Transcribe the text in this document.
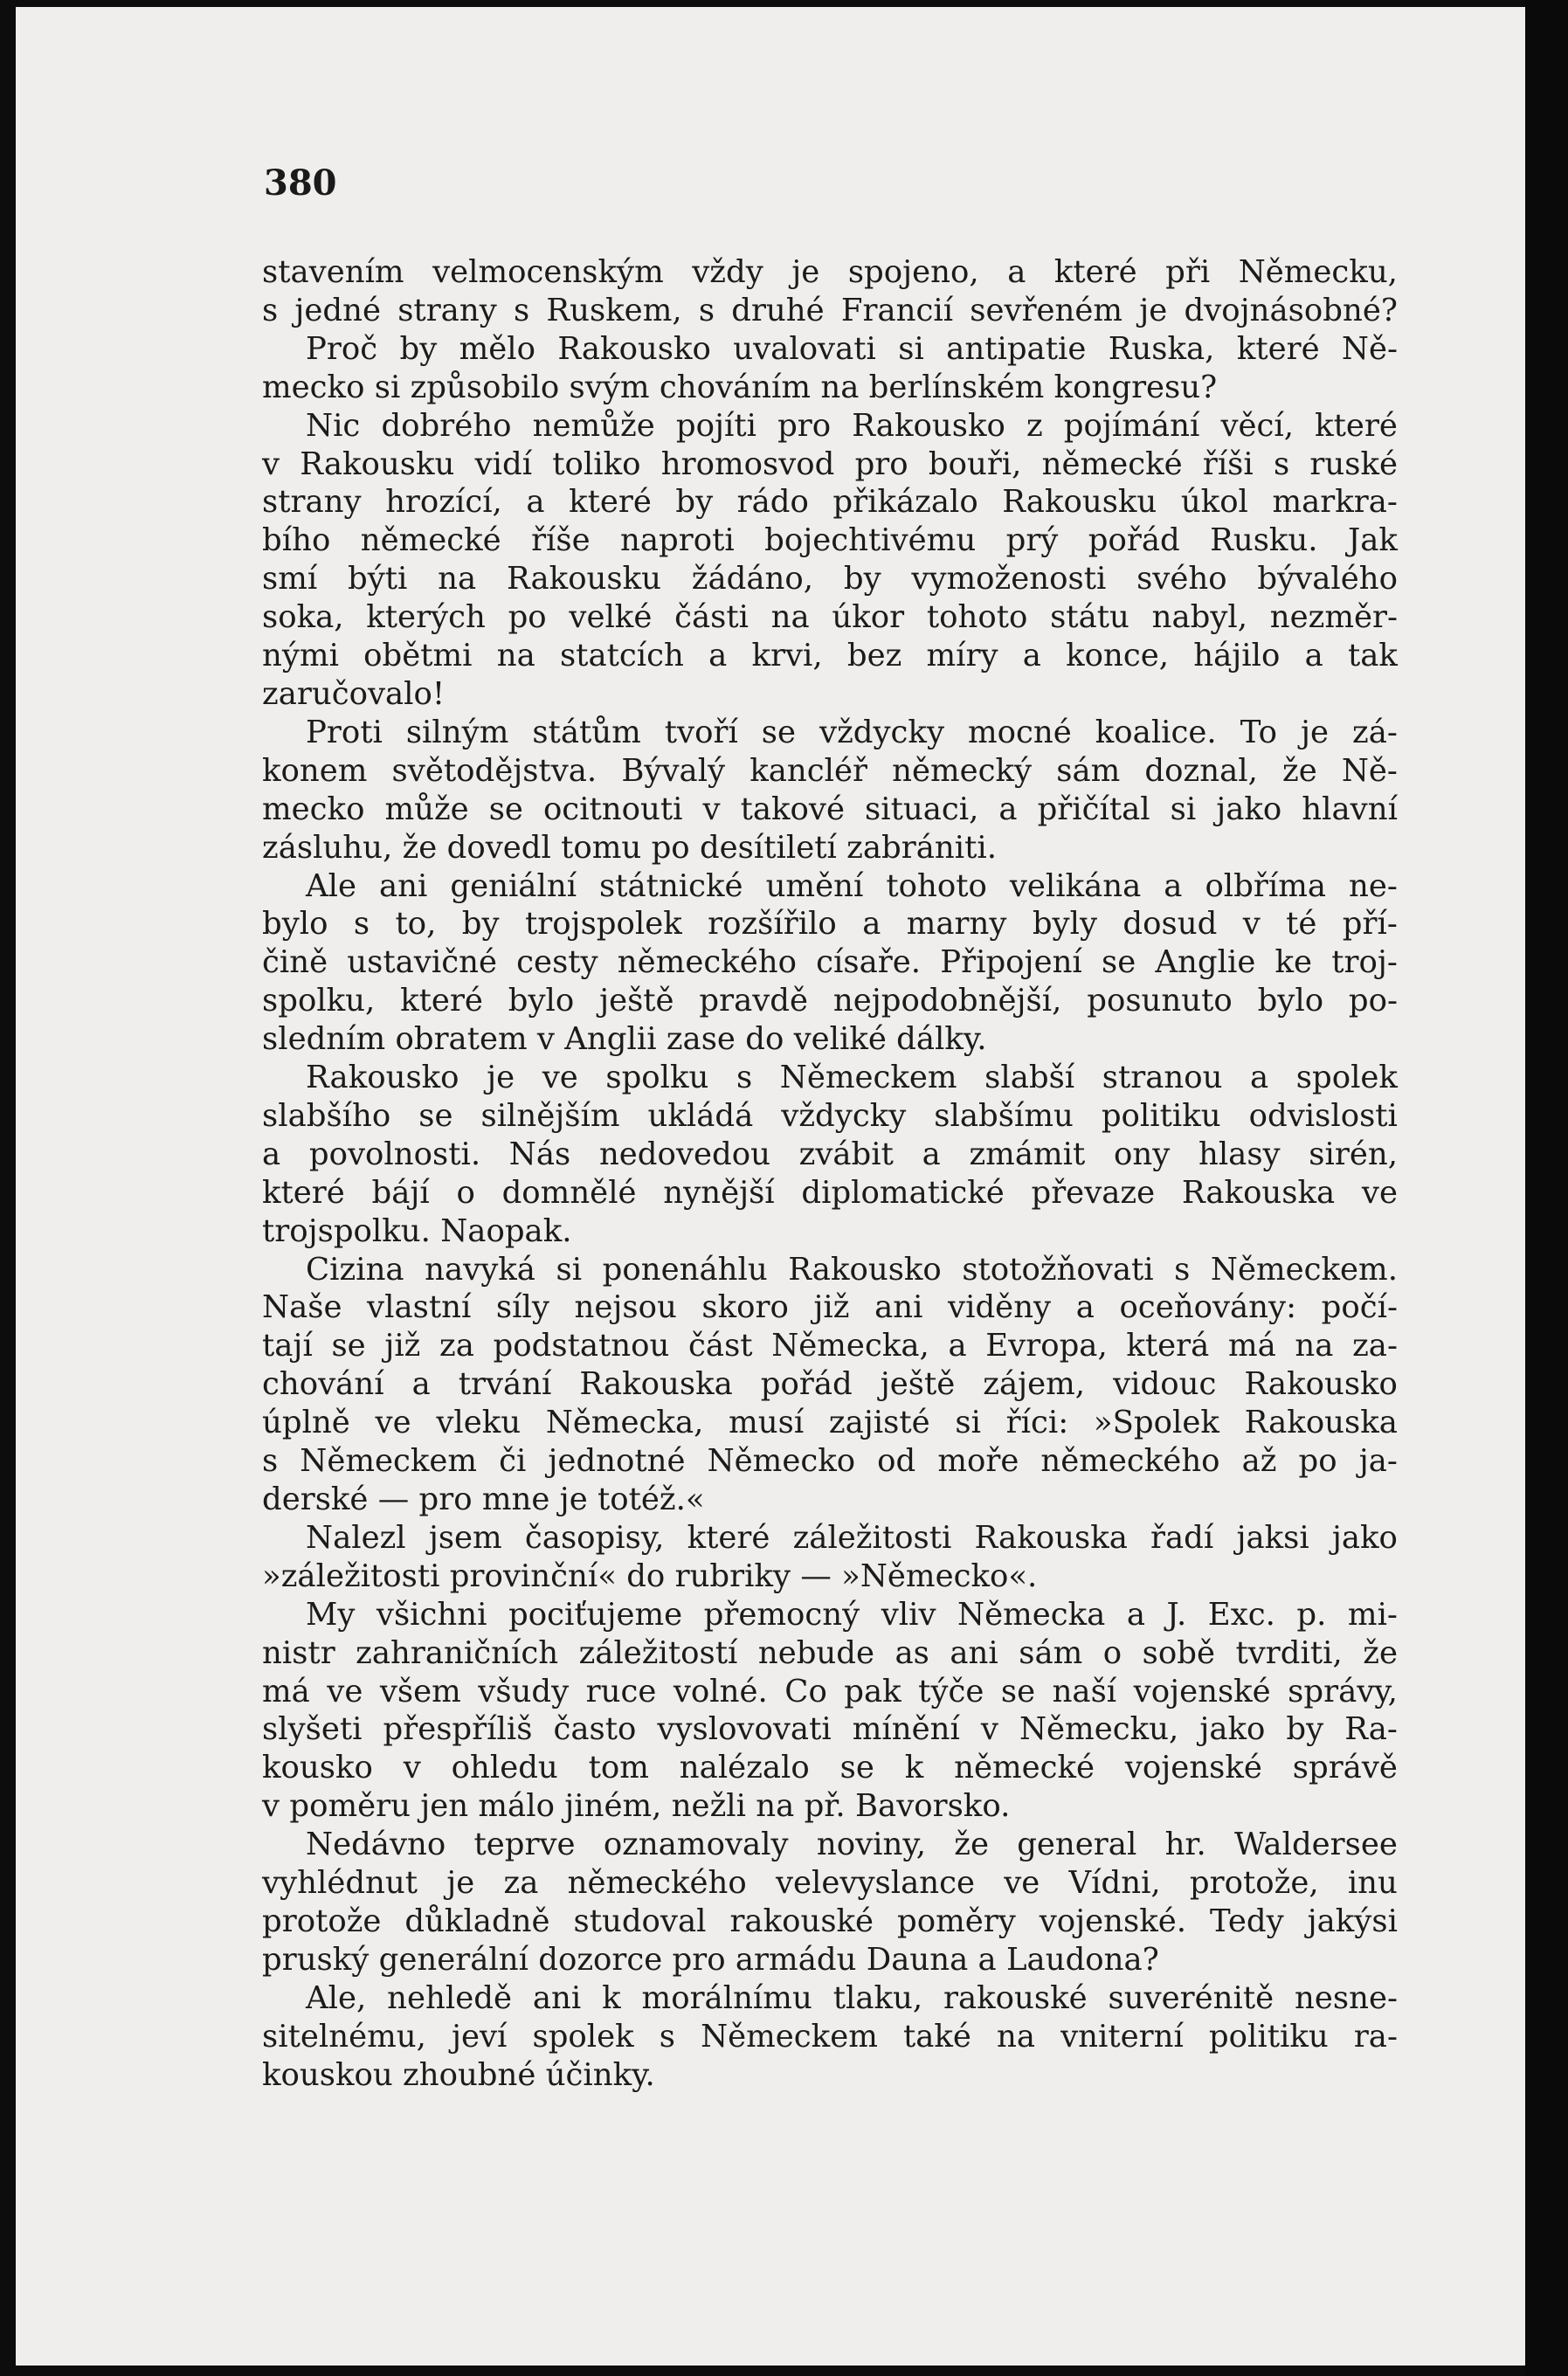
380
stavením velmocenským vždy je spojeno, a které při Německu,
s jedné strany s Ruskem, s druhé Francií sevřeném je dvojnásobné?
Proč by mělo Rakousko uvalovati si antipatie Ruska, které Ně-
mecko si způsobilo svým chováním na berlínském kongresu?
Nic dobrého nemůže pojíti pro Rakousko z pojímání věcí, které
v Rakousku vidí toliko hromosvod pro bouři, německé říši s ruské
strany hrozící, a které by rádo přikázalo Rakousku úkol markra-
bího německé říše naproti bojechtivému prý pořád Rusku. Jak
smí býti na Rakousku žádáno, by vymoženosti svého bývalého
soka, kterých po velké části na úkor tohoto státu nabyl, nezměr-
nými obětmi na statcích a krvi, bez míry a konce, hájilo a tak
zaručovalo!
Proti silným státům tvoří se vždycky mocné koalice. To je zá-
konem světodějstva. Bývalý kancléř německý sám doznal, že Ně-
mecko může se ocitnouti v takové situaci, a přičítal si jako hlavní
zásluhu, že dovedl tomu po desítiletí zabrániti.
Ale ani geniální státnické umění tohoto velikána a olbříma ne-
bylo s to, by trojspolek rozšířilo a marny byly dosud v té pří-
čině ustavičné cesty německého císaře. Připojení se Anglie ke troj-
spolku, které bylo ještě pravdě nejpodobnější, posunuto bylo po-
sledním obratem v Anglii zase do veliké dálky.
Rakousko je ve spolku s Německem slabší stranou a spolek
slabšího se silnějším ukládá vždycky slabšímu politiku odvislosti
a povolnosti. Nás nedovedou zvábit a zmámit ony hlasy sirén,
které bájí o domnělé nynější diplomatické převaze Rakouska ve
trojspolku. Naopak.
Cizina navyká si ponenáhlu Rakousko stotožňovati s Německem.
Naše vlastní síly nejsou skoro již ani viděny a oceňovány: počí-
tají se již za podstatnou část Německa, a Evropa, která má na za-
chování a trvání Rakouska pořád ještě zájem, vidouc Rakousko
úplně ve vleku Německa, musí zajisté si říci: »Spolek Rakouska
s Německem či jednotné Německo od moře německého až po ja-
derské — pro mne je totéž.«
Nalezl jsem časopisy, které záležitosti Rakouska řadí jaksi jako
»záležitosti provinční« do rubriky — »Německo«.
My všichni pociťujeme přemocný vliv Německa a J. Exc. p. mi-
nistr zahraničních záležitostí nebude as ani sám o sobě tvrditi, že
má ve všem všudy ruce volné. Co pak týče se naší vojenské správy,
slyšeti přespříliš často vyslovovati mínění v Německu, jako by Ra-
kousko v ohledu tom nalézalo se k německé vojenské správě
v poměru jen málo jiném, nežli na př. Bavorsko.
Nedávno teprve oznamovaly noviny, že general hr. Waldersee
vyhlédnut je za německého velevyslance ve Vídni, protože, inu
protože důkladně studoval rakouské poměry vojenské. Tedy jakýsi
pruský generální dozorce pro armádu Dauna a Laudona?
Ale, nehledě ani k morálnímu tlaku, rakouské suverénitě nesne-
sitelnému, jeví spolek s Německem také na vniterní politiku ra-
kouskou zhoubné účinky.
